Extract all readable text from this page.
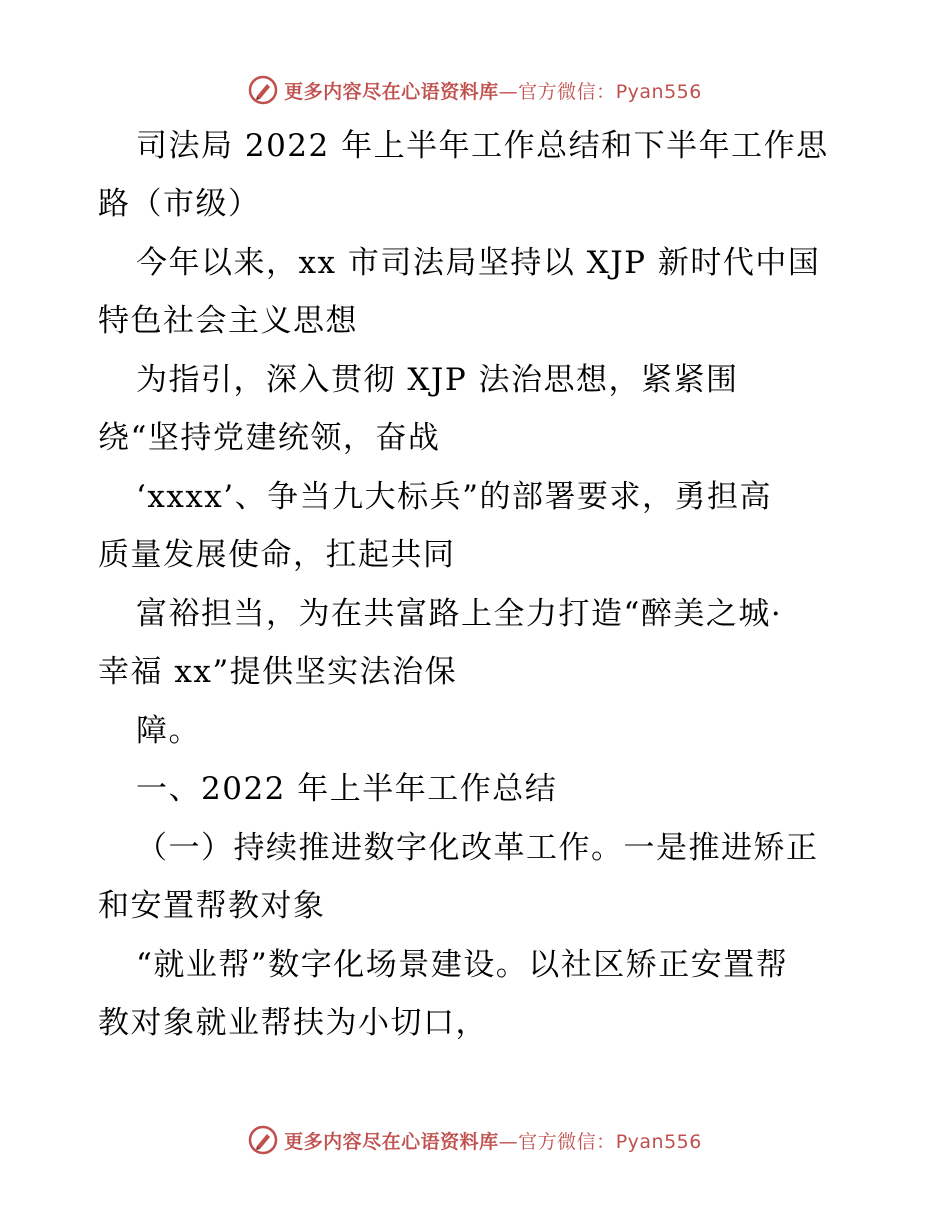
更多内容尽在心语资料库—官方微信：Pyan556
司法局 2022 年上半年工作总结和下半年工作思
路（市级）
今年以来，xx 市司法局坚持以 XJP 新时代中国
特色社会主义思想
为指引，深入贯彻 XJP 法治思想，紧紧围
绕“坚持党建统领，奋战
‘xxxx’、争当九大标兵”的部署要求，勇担高
质量发展使命，扛起共同
富裕担当，为在共富路上全力打造“醉美之城·
幸福 xx”提供坚实法治保
障。
一、2022 年上半年工作总结
（一）持续推进数字化改革工作。一是推进矫正
和安置帮教对象
“就业帮”数字化场景建设。以社区矫正安置帮
教对象就业帮扶为小切口，
更多内容尽在心语资料库—官方微信：Pyan556
